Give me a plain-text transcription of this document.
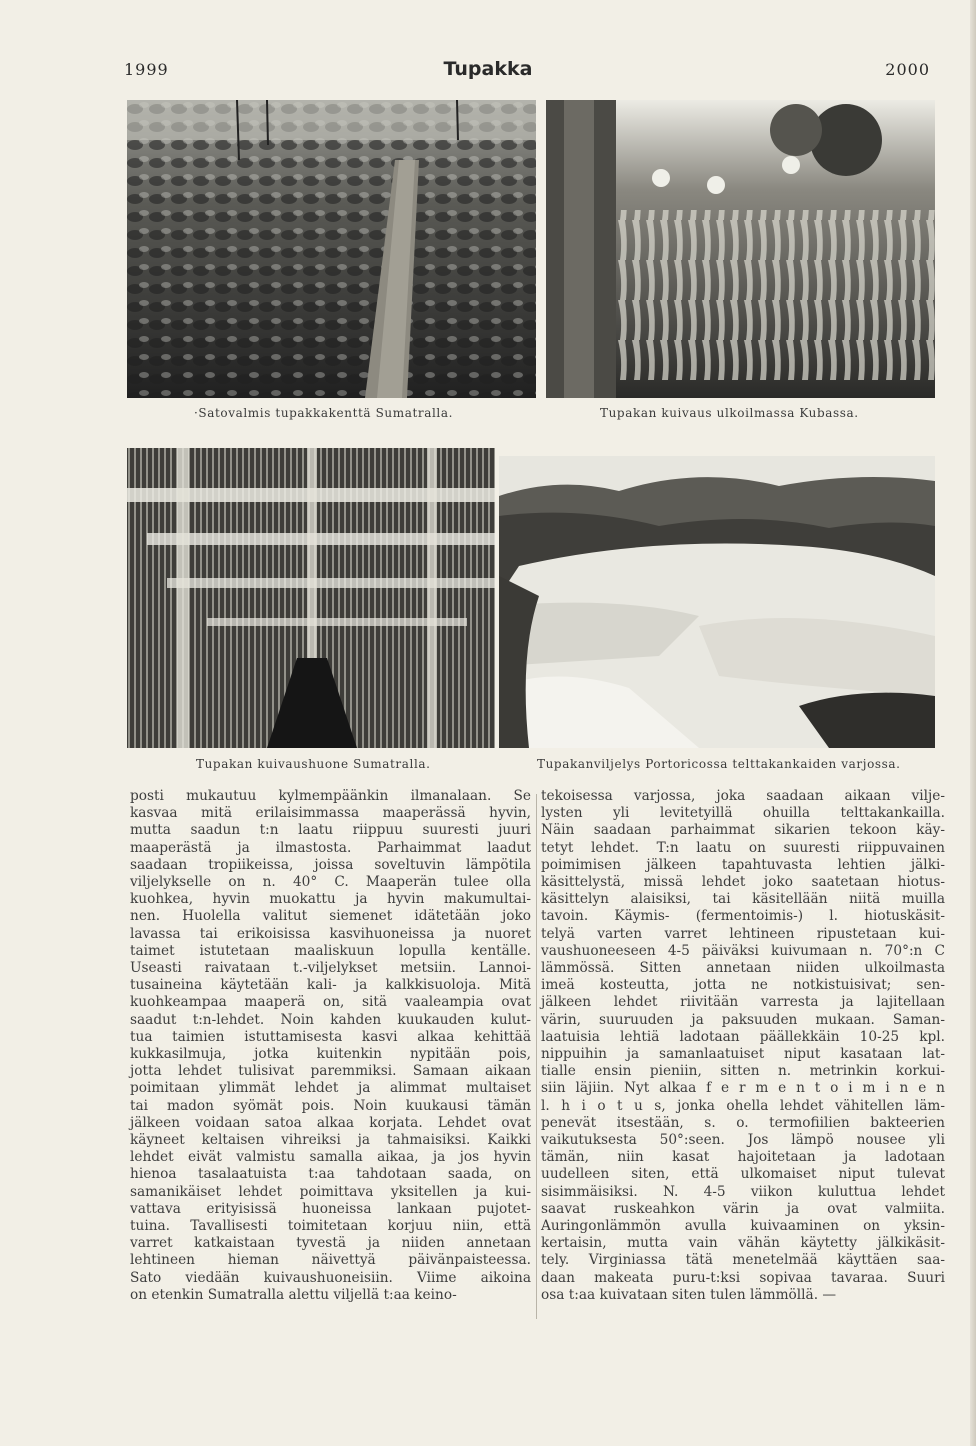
1999	Tupakka	2000
·Satovalmis tupakkakenttä Sumatralla.	Tupakan kuivaus ulkoilmassa Kubassa.
Tupakan kuivaushuone Sumatralla.	Tupakanviljelys Portoricossa telttakankaiden varjossa.
posti mukautuu kylmempäänkin ilmanalaan. Se
kasvaa mitä erilaisimmassa maaperässä hyvin,
mutta saadun t:n laatu riippuu suuresti juuri
maaperästä ja ilmastosta. Parhaimmat laadut
saadaan tropiikeissa, joissa soveltuvin lämpötila
viljelykselle on n. 40° C. Maaperän tulee olla
kuohkea, hyvin muokattu ja hyvin makumultai-
nen. Huolella valitut siemenet idätetään joko
lavassa tai erikoisissa kasvihuoneissa ja nuoret
taimet istutetaan maaliskuun lopulla kentälle.
Useasti raivataan t.-viljelykset metsiin. Lannoi-
tusaineina käytetään kali- ja kalkkisuoloja. Mitä
kuohkeampaa maaperä on, sitä vaaleampia ovat
saadut t:n-lehdet. Noin kahden kuukauden kulut-
tua taimien istuttamisesta kasvi alkaa kehittää
kukkasilmuja, jotka kuitenkin nypitään pois,
jotta lehdet tulisivat paremmiksi. Samaan aikaan
poimitaan ylimmät lehdet ja alimmat multaiset
tai madon syömät pois. Noin kuukausi tämän
jälkeen voidaan satoa alkaa korjata. Lehdet ovat
käyneet keltaisen vihreiksi ja tahmaisiksi. Kaikki
lehdet eivät valmistu samalla aikaa, ja jos hyvin
hienoa tasalaatuista t:aa tahdotaan saada, on
samanikäiset lehdet poimittava yksitellen ja kui-
vattava erityisissä huoneissa lankaan pujotet-
tuina. Tavallisesti toimitetaan korjuu niin, että
varret katkaistaan tyvestä ja niiden annetaan
lehtineen hieman näivettyä päivänpaisteessa.
Sato viedään kuivaushuoneisiin. Viime aikoina
on etenkin Sumatralla alettu viljellä t:aa keino-
tekoisessa varjossa, joka saadaan aikaan vilje-
lysten yli levitetyillä ohuilla telttakankailla.
Näin saadaan parhaimmat sikarien tekoon käy-
tetyt lehdet. T:n laatu on suuresti riippuvainen
poimimisen jälkeen tapahtuvasta lehtien jälki-
käsittelystä, missä lehdet joko saatetaan hiotus-
käsittelyn alaisiksi, tai käsitellään niitä muilla
tavoin. Käymis- (fermentoimis-) l. hiotuskäsit-
telyä varten varret lehtineen ripustetaan kui-
vaushuoneeseen 4-5 päiväksi kuivumaan n. 70°:n C
lämmössä. Sitten annetaan niiden ulkoilmasta
imeä kosteutta, jotta ne notkistuisivat; sen-
jälkeen lehdet riivitään varresta ja lajitellaan
värin, suuruuden ja paksuuden mukaan. Saman-
laatuisia lehtiä ladotaan päällekkäin 10-25 kpl.
nippuihin ja samanlaatuiset niput kasataan lat-
tialle ensin pieniin, sitten n. metrinkin korkui-
siin läjiin. Nyt alkaa f e r m e n t o i m i n e n
l. h i o t u s, jonka ohella lehdet vähitellen läm-
penevät itsestään, s. o. termofiilien bakteerien
vaikutuksesta 50°:seen. Jos lämpö nousee yli
tämän, niin kasat hajoitetaan ja ladotaan
uudelleen siten, että ulkomaiset niput tulevat
sisimmäisiksi. N. 4-5 viikon kuluttua lehdet
saavat ruskeahkon värin ja ovat valmiita.
Auringonlämmön avulla kuivaaminen on yksin-
kertaisin, mutta vain vähän käytetty jälkikäsit-
tely. Virginiassa tätä menetelmää käyttäen saa-
daan makeata puru-t:ksi sopivaa tavaraa. Suuri
osa t:aa kuivataan siten tulen lämmöllä. —
